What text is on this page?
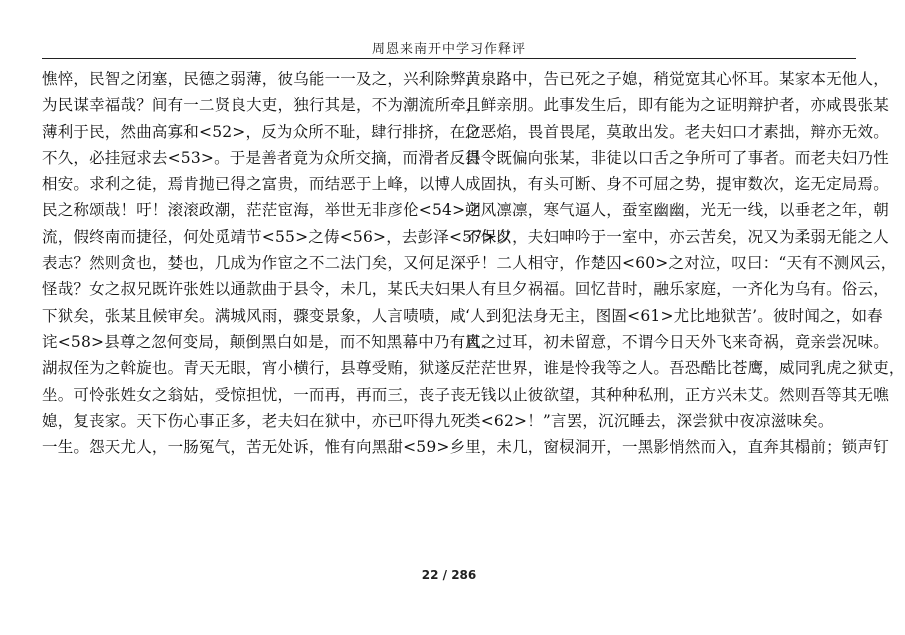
周恩来南开中学习作释评
憔悴，民智之闭塞，民德之弱薄，彼乌能一一及之，兴利除弊，
为民谋幸福哉？间有一二贤良大吏，独行其是，不为潮流所牵，
薄利于民，然曲高寡和<52>，反为众所不耻，肆行排挤，在位
不久，必挂冠求去<53>。于是善者竟为众所交摘，而滑者反得
相安。求利之徒，焉肯抛已得之富贵，而结恶于上峰，以博人
民之称颂哉！吁！滚滚政潮，茫茫宦海，举世无非彦伦<54>之
流，假终南而捷径，何处觅靖节<55>之俦<56>，去彭泽<57>以
表志？然则贪也，婪也，几成为作宦之不二法门矣，又何足深
怪哉？女之叔兄既许张姓以通款曲于县令，未几，某氏夫妇果
下狱矣，张某且候审矣。满城风雨，骤变景象，人言啧啧，咸
诧<58>县尊之忽何变局，颠倒黑白如是，而不知黑幕中乃有直、
湖叔侄为之斡旋也。青天无眼，宵小横行，县尊受贿，狱遂反
坐。可怜张姓女之翁姑，受惊担忧，一而再，再而三，丧子丧
媳，复丧家。天下伤心事正多，老夫妇在狱中，亦已吓得九死
一生。怨天尤人，一肠冤气，苦无处诉，惟有向黑甜<59>乡里，
黄泉路中，告已死之子媳，稍觉宽其心怀耳。某家本无他人，
且鲜亲朋。此事发生后，即有能为之证明辩护者，亦咸畏张某
之恶焰，畏首畏尾，莫敢出发。老夫妇口才素拙，辩亦无效。
县令既偏向张某，非徒以口舌之争所可了事者。而老夫妇乃性
成固执，有头可断、身不可屈之势，提审数次，迄无定局焉。
朔风凛凛，寒气逼人，蚕室幽幽，光无一线，以垂老之年，朝
不保夕，夫妇呻吟于一室中，亦云苦矣，况又为柔弱无能之人
乎！二人相守，作楚囚<60>之对泣，叹曰：“天有不测风云，
人有旦夕祸福。回忆昔时，融乐家庭，一齐化为乌有。俗云，
‘人到犯法身无主，图圄<61>尤比地狱苦’。彼时闻之，如春
风之过耳，初未留意，不谓今日天外飞来奇祸，竟亲尝况味。
茫茫世界，谁是怜我等之人。吾恐酷比苍鹰，威同乳虎之狱吏，
无钱以止彼欲望，其种种私刑，正方兴未艾。然则吾等其无噍
类<62>！”言罢，沉沉睡去，深尝狱中夜凉滋味矣。
　　未几，窗棂洞开，一黑影悄然而入，直奔其榻前；锁声钉
22 / 286
